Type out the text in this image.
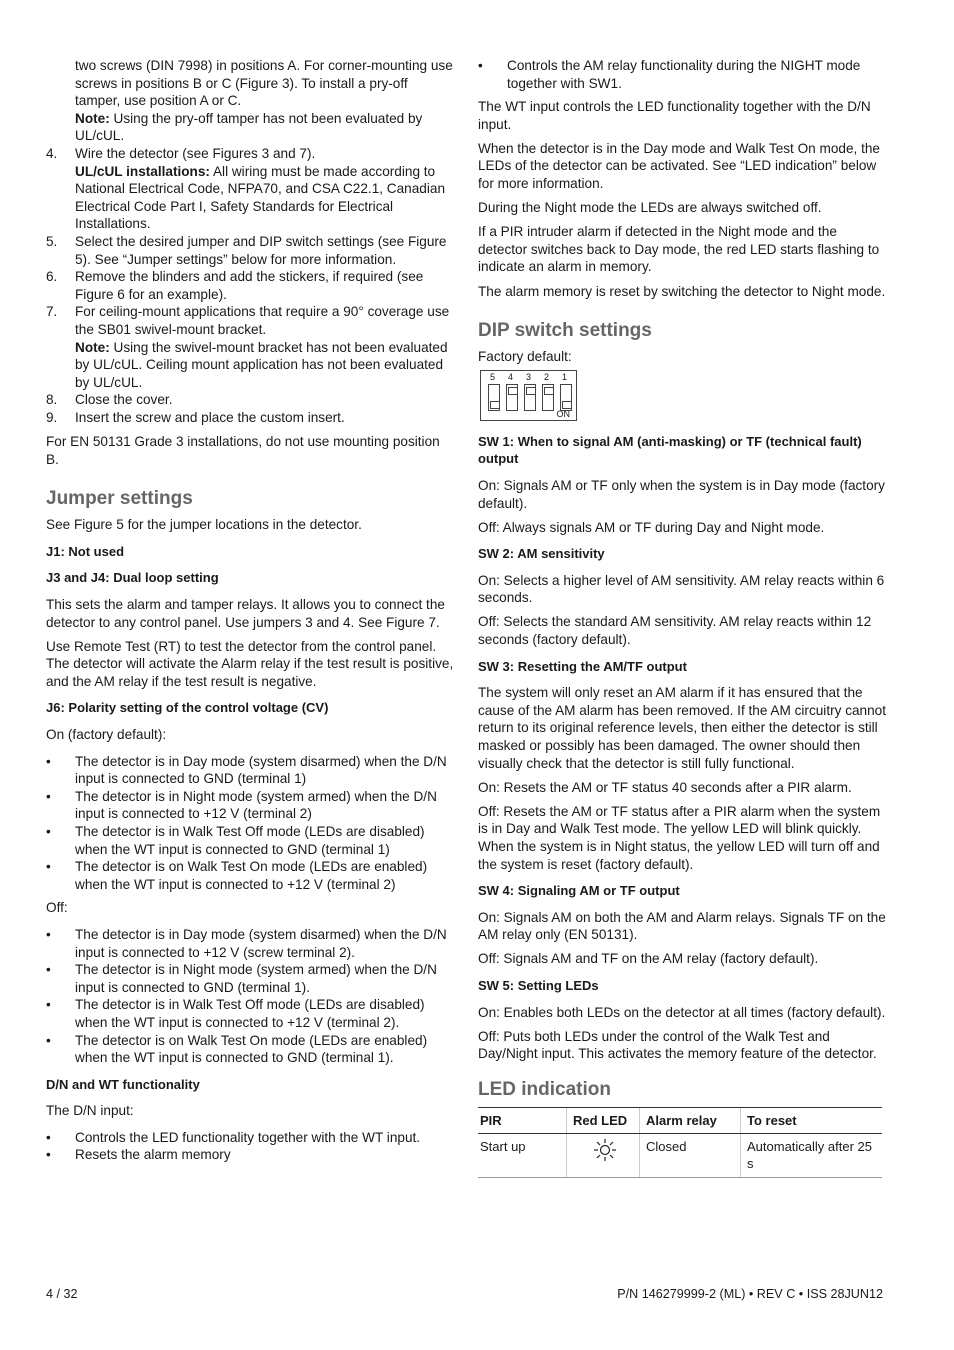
two screws (DIN 7998) in positions A. For corner-mounting use screws in positions B or C (Figure 3). To install a pry-off tamper, use position A or C.
Note: Using the pry-off tamper has not been evaluated by UL/cUL.
4. Wire the detector (see Figures 3 and 7).
UL/cUL installations: All wiring must be made according to National Electrical Code, NFPA70, and CSA C22.1, Canadian Electrical Code Part I, Safety Standards for Electrical Installations.
5. Select the desired jumper and DIP switch settings (see Figure 5). See “Jumper settings” below for more information.
6. Remove the blinders and add the stickers, if required (see Figure 6 for an example).
7. For ceiling-mount applications that require a 90° coverage use the SB01 swivel-mount bracket.
Note: Using the swivel-mount bracket has not been evaluated by UL/cUL. Ceiling mount application has not been evaluated by UL/cUL.
8. Close the cover.
9. Insert the screw and place the custom insert.

For EN 50131 Grade 3 installations, do not use mounting position B.

Jumper settings

See Figure 5 for the jumper locations in the detector.

J1: Not used
J3 and J4: Dual loop setting

This sets the alarm and tamper relays. It allows you to connect the detector to any control panel. Use jumpers 3 and 4. See Figure 7.

Use Remote Test (RT) to test the detector from the control panel. The detector will activate the Alarm relay if the test result is positive, and the AM relay if the test result is negative.

J6: Polarity setting of the control voltage (CV)

On (factory default):

• The detector is in Day mode (system disarmed) when the D/N input is connected to GND (terminal 1)
• The detector is in Night mode (system armed) when the D/N input is connected to +12 V (terminal 2)
• The detector is in Walk Test Off mode (LEDs are disabled) when the WT input is connected to GND (terminal 1)
• The detector is on Walk Test On mode (LEDs are enabled) when the WT input is connected to +12 V (terminal 2)

Off:

• The detector is in Day mode (system disarmed) when the D/N input is connected to +12 V (screw terminal 2).
• The detector is in Night mode (system armed) when the D/N input is connected to GND (terminal 1).
• The detector is in Walk Test Off mode (LEDs are disabled) when the WT input is connected to +12 V (terminal 2).
• The detector is on Walk Test On mode (LEDs are enabled) when the WT input is connected to GND (terminal 1).
D/N and WT functionality

The D/N input:

• Controls the LED functionality together with the WT input.
• Resets the alarm memory
• Controls the AM relay functionality during the NIGHT mode together with SW1.

The WT input controls the LED functionality together with the D/N input.

When the detector is in the Day mode and Walk Test On mode, the LEDs of the detector can be activated. See “LED indication” below for more information.

During the Night mode the LEDs are always switched off.

If a PIR intruder alarm if detected in the Night mode and the detector switches back to Day mode, the red LED starts flashing to indicate an alarm in memory.

The alarm memory is reset by switching the detector to Night mode.

DIP switch settings

Factory default:

ON
5 4 3 2 1
SW 1: When to signal AM (anti-masking) or TF (technical fault) output

On: Signals AM or TF only when the system is in Day mode (factory default).

Off: Always signals AM or TF during Day and Night mode.

SW 2: AM sensitivity

On: Selects a higher level of AM sensitivity. AM relay reacts within 6 seconds.

Off: Selects the standard AM sensitivity. AM relay reacts within 12 seconds (factory default).

SW 3: Resetting the AM/TF output

The system will only reset an AM alarm if it has ensured that the cause of the AM alarm has been removed. If the AM circuitry cannot return to its original reference levels, then either the detector is still masked or possibly has been damaged. The owner should then visually check that the detector is still fully functional.

On: Resets the AM or TF status 40 seconds after a PIR alarm.

Off: Resets the AM or TF status after a PIR alarm when the system is in Day and Walk Test mode. The yellow LED will blink quickly. When the system is in Night status, the yellow LED will turn off and the system is reset (factory default).

SW 4: Signaling AM or TF output

On: Signals AM on both the AM and Alarm relays. Signals TF on the AM relay only (EN 50131).

Off: Signals AM and TF on the AM relay (factory default).

SW 5: Setting LEDs

On: Enables both LEDs on the detector at all times (factory default).

Off: Puts both LEDs under the control of the Walk Test and Day/Night input. This activates the memory feature of the detector.

LED indication
PIR	Red LED	Alarm relay	To reset
Start up		Closed	Automatically after 25 s
4 / 32	P/N 146279999-2 (ML) • REV C • ISS 28JUN12
